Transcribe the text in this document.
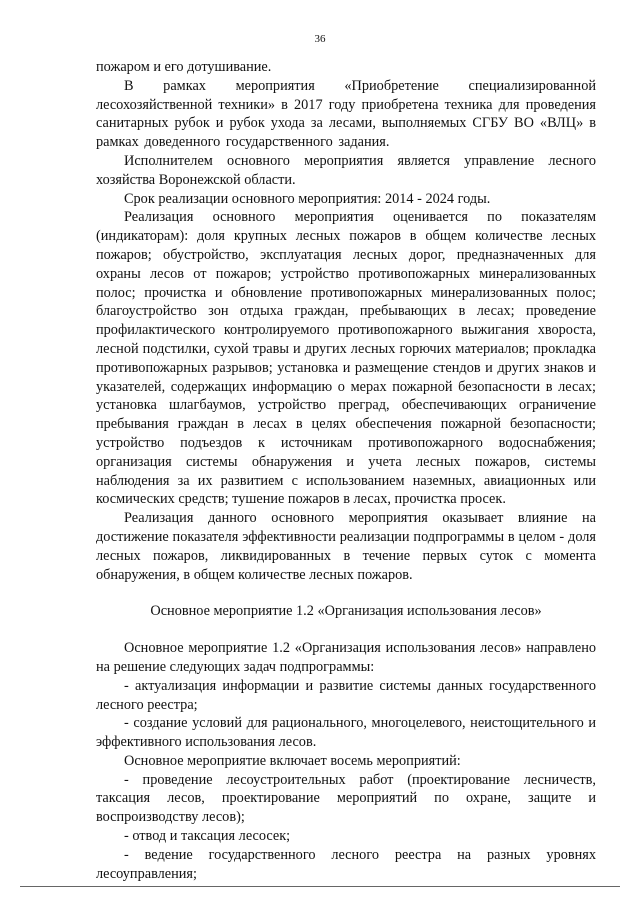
36

пожаром и его дотушивание.

В рамках мероприятия «Приобретение специализированной лесохозяйственной техники» в 2017 году приобретена техника для проведения санитарных рубок и рубок ухода за лесами, выполняемых СГБУ ВО «ВЛЦ» в рамках доведенного государственного задания.

Исполнителем основного мероприятия является управление лесного хозяйства Воронежской области.

Срок реализации основного мероприятия: 2014 - 2024 годы.

Реализация основного мероприятия оценивается по показателям (индикаторам): доля крупных лесных пожаров в общем количестве лесных пожаров; обустройство, эксплуатация лесных дорог, предназначенных для охраны лесов от пожаров; устройство противопожарных минерализованных полос; прочистка и обновление противопожарных минерализованных полос; благоустройство зон отдыха граждан, пребывающих в лесах; проведение профилактического контролируемого противопожарного выжигания хвороста, лесной подстилки, сухой травы и других лесных горючих материалов; прокладка противопожарных разрывов; установка и размещение стендов и других знаков и указателей, содержащих информацию о мерах пожарной безопасности в лесах; установка шлагбаумов, устройство преград, обеспечивающих ограничение пребывания граждан в лесах в целях обеспечения пожарной безопасности; устройство подъездов к источникам противопожарного водоснабжения; организация системы обнаружения и учета лесных пожаров, системы наблюдения за их развитием с использованием наземных, авиационных или космических средств; тушение пожаров в лесах, прочистка просек.

Реализация данного основного мероприятия оказывает влияние на достижение показателя эффективности реализации подпрограммы в целом - доля лесных пожаров, ликвидированных в течение первых суток с момента обнаружения, в общем количестве лесных пожаров.

Основное мероприятие 1.2 «Организация использования лесов»

Основное мероприятие 1.2 «Организация использования лесов» направлено на решение следующих задач подпрограммы:

- актуализация информации и развитие системы данных государственного лесного реестра;

- создание условий для рационального, многоцелевого, неистощительного и эффективного использования лесов.

Основное мероприятие включает восемь мероприятий:

- проведение лесоустроительных работ (проектирование лесничеств, таксация лесов, проектирование мероприятий по охране, защите и воспроизводству лесов);

- отвод и таксация лесосек;

- ведение государственного лесного реестра на разных уровнях лесоуправления;
